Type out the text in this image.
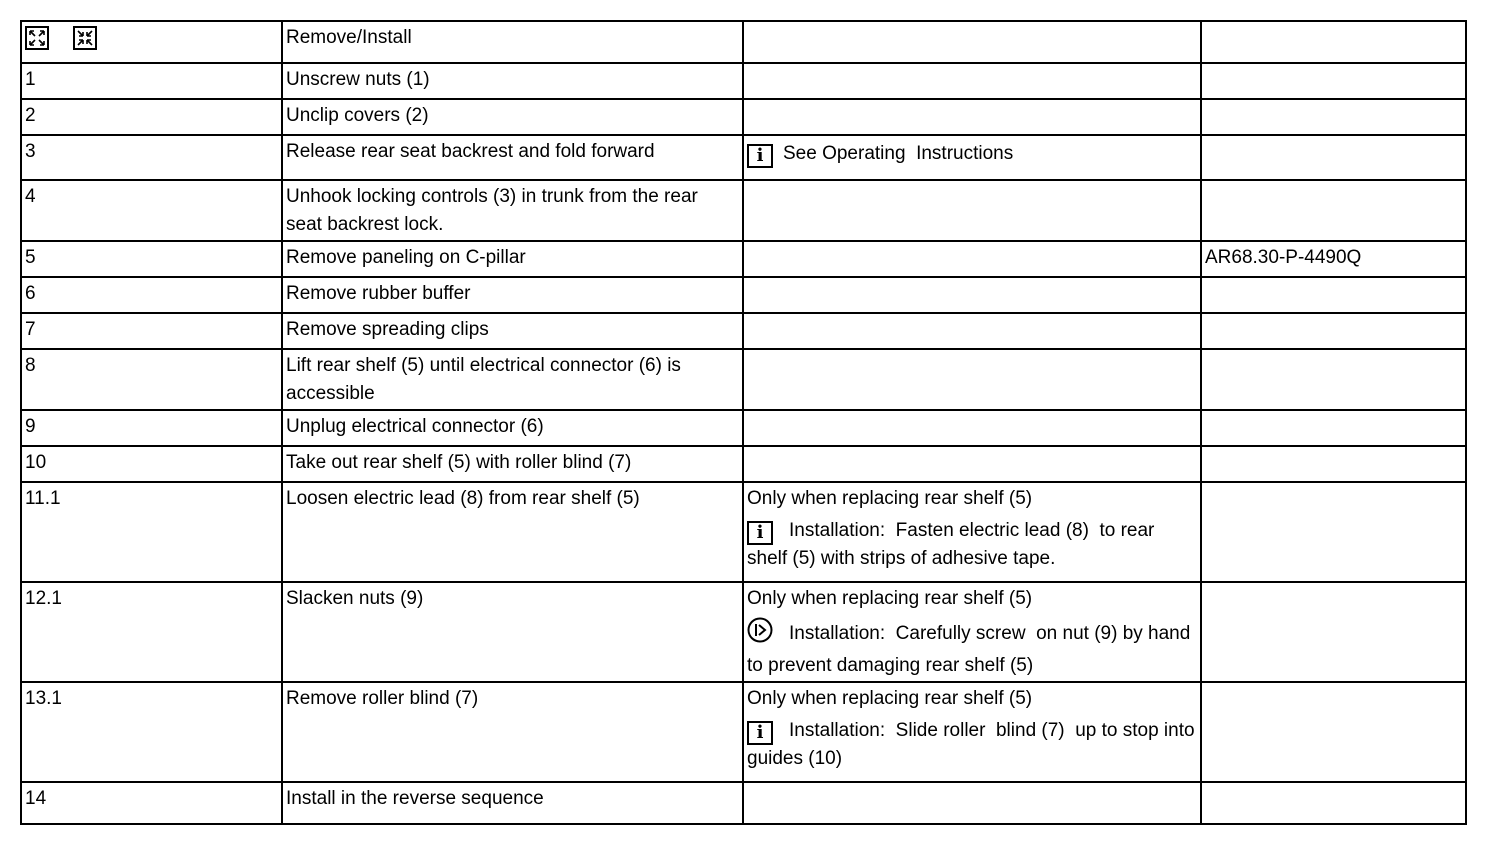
	Remove/Install		
1	Unscrew nuts (1)		
2	Unclip covers (2)		
3	Release rear seat backrest and fold forward	i See Operating  Instructions	

4	Unhook locking controls (3) in trunk from the rear seat backrest lock.		
5	Remove paneling on C-pillar		AR68.30-P-4490Q
6	Remove rubber buffer		
7	Remove spreading clips		
8	Lift rear shelf (5) until electrical connector (6) is accessible		
9	Unplug electrical connector (6)		
10	Take out rear shelf (5) with roller blind (7)		
11.1	Loosen electric lead (8) from rear shelf (5)	Only when replacing rear shelf (5)
i Installation:  Fasten electric lead (8)  to rear shelf (5) with strips of adhesive tape.	

12.1	Slacken nuts (9)	Only when replacing rear shelf (5)
Installation:  Carefully screw  on nut (9) by hand to prevent damaging rear shelf (5)	

13.1	Remove roller blind (7)	Only when replacing rear shelf (5)
i Installation:  Slide roller  blind (7)  up to stop into guides (10)	

14	Install in the reverse sequence		
